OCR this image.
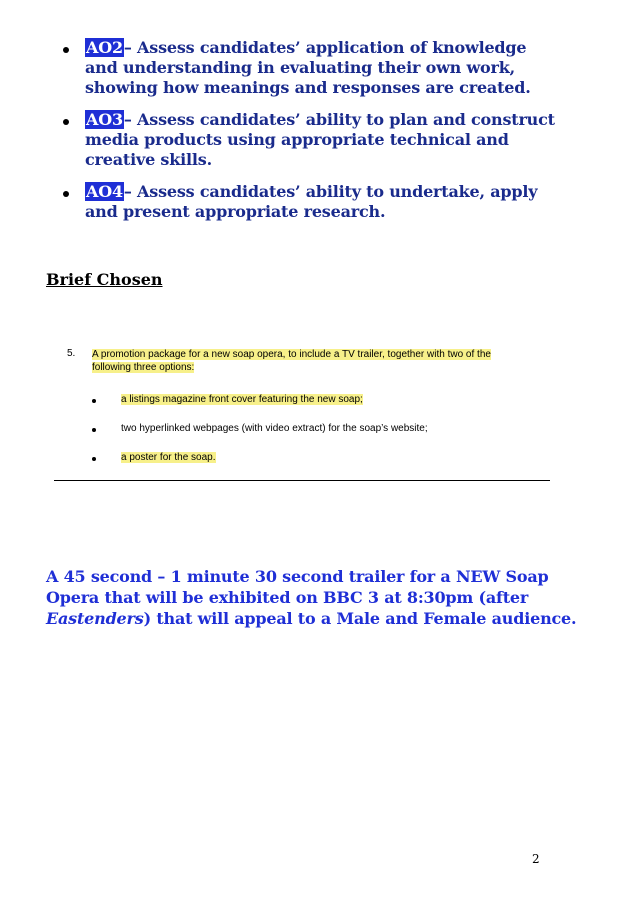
AO2– Assess candidates’ application of knowledge and understanding in evaluating their own work, showing how meanings and responses are created.
AO3– Assess candidates’ ability to plan and construct media products using appropriate technical and creative skills.
AO4– Assess candidates’ ability to undertake, apply and present appropriate research.
Brief Chosen
5. A promotion package for a new soap opera, to include a TV trailer, together with two of the following three options:
a listings magazine front cover featuring the new soap;
two hyperlinked webpages (with video extract) for the soap’s website;
a poster for the soap.
A 45 second – 1 minute 30 second trailer for a NEW Soap Opera that will be exhibited on BBC 3 at 8:30pm (after Eastenders) that will appeal to a Male and Female audience.
2
